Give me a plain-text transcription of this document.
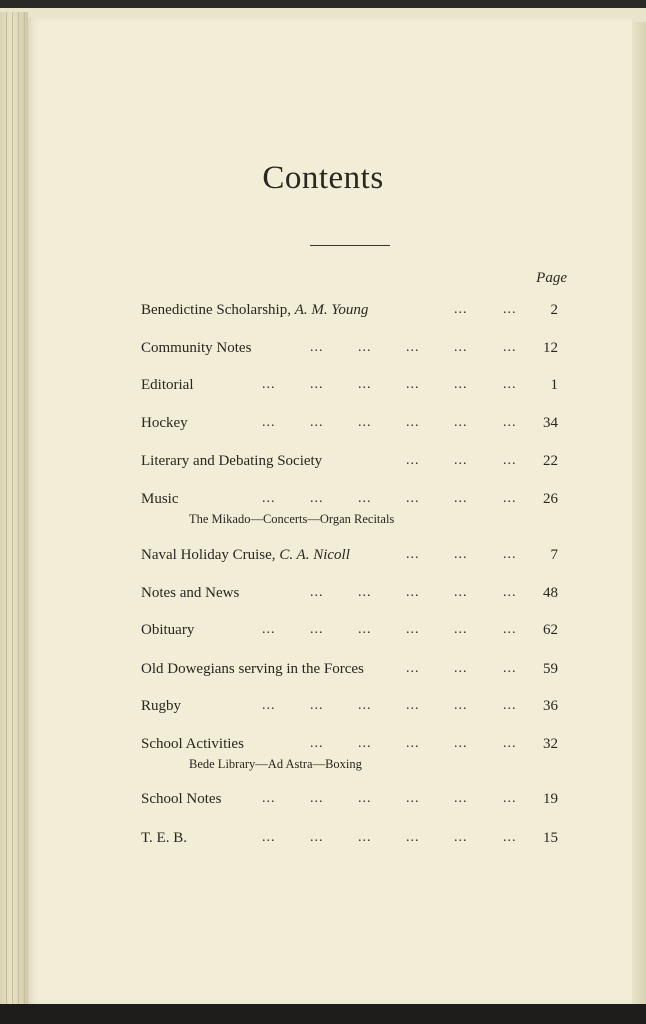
Contents
Page
Benedictine Scholarship, A. M. Young	...	... 2
Community Notes	... ... ... ...	... 12
Editorial	... ... ... ... ...	... 1
Hockey	... ... ... ... ...	... 34
Literary and Debating Society	... ...	... 22
Music	... ... ... ... ...	... 26
The Mikado—Concerts—Organ Recitals
Naval Holiday Cruise, C. A. Nicoll	... ...	... 7
Notes and News	... ... ... ...	... 48
Obituary	... ... ... ... ...	... 62
Old Dowegians serving in the Forces	... ...	... 59
Rugby	... ... ... ... ...	... 36
School Activities	... ... ... ...	... 32
Bede Library—Ad Astra—Boxing
School Notes	... ... ... ... ...	... 19
T. E. B.	... ... ... ... ...	... 15
